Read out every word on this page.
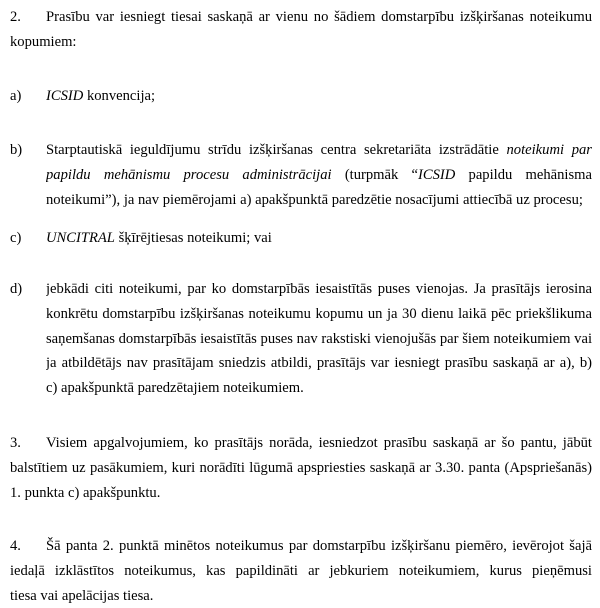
2. Prasību var iesniegt tiesai saskaņā ar vienu no šādiem domstarpību izšķiršanas noteikumu
kopumiem:
a) ICSID konvencija;
b) Starptautiskā ieguldījumu strīdu izšķiršanas centra sekretariāta izstrādātie noteikumi par
papildu mehānismu procesu administrācijai (turpmāk “ICSID papildu mehānisma
noteikumi”), ja nav piemērojami a) apakšpunktā paredzētie nosacījumi attiecībā uz procesu;
c) UNCITRAL šķīrējtiesas noteikumi; vai
d) jebkādi citi noteikumi, par ko domstarpībās iesaistītās puses vienojas. Ja prasītājs ierosina
konkrētu domstarpību izšķiršanas noteikumu kopumu un ja 30 dienu laikā pēc priekšlikuma
saņemšanas domstarpībās iesaistītās puses nav rakstiski vienojušās par šiem noteikumiem vai
ja atbildētājs nav prasītājam sniedzis atbildi, prasītājs var iesniegt prasību saskaņā ar a), b)
c) apakšpunktā paredzētajiem noteikumiem.
3. Visiem apgalvojumiem, ko prasītājs norāda, iesniedzot prasību saskaņā ar šo pantu, jābūt
balstītiem uz pasākumiem, kuri norādīti lūgumā apspriesties saskaņā ar 3.30. panta (Apspriešanās)
1. punkta c) apakšpunktu.
4. Šā panta 2. punktā minētos noteikumus par domstarpību izšķiršanu piemēro, ievērojot šajā
iedaļā izklāstītos noteikumus, kas papildināti ar jebkuriem noteikumiem, kurus pieņēmusi
tiesa vai apelācijas tiesa.
